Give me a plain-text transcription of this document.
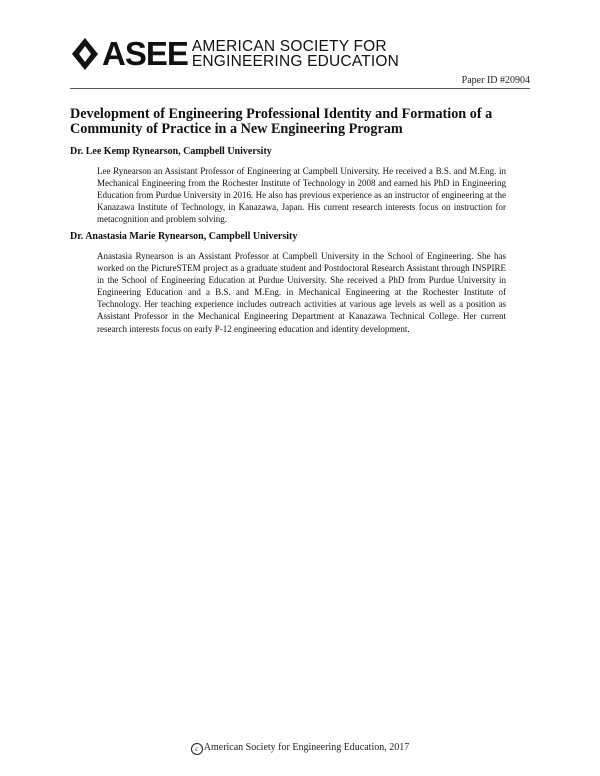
ASEE AMERICAN SOCIETY FOR
ENGINEERING EDUCATION
Paper ID #20904
Development of Engineering Professional Identity and Formation of a Community of Practice in a New Engineering Program
Dr. Lee Kemp Rynearson, Campbell University

Lee Rynearson an Assistant Professor of Engineering at Campbell University. He received a B.S. and M.Eng. in Mechanical Engineering from the Rochester Institute of Technology in 2008 and earned his PhD in Engineering Education from Purdue University in 2016. He also has previous experience as an instructor of engineering at the Kanazawa Institute of Technology, in Kanazawa, Japan. His current research interests focus on instruction for metacognition and problem solving.

Dr. Anastasia Marie Rynearson, Campbell University

Anastasia Rynearson is an Assistant Professor at Campbell University in the School of Engineering. She has worked on the PictureSTEM project as a graduate student and Postdoctoral Research Assistant through INSPIRE in the School of Engineering Education at Purdue University. She received a PhD from Purdue University in Engineering Education and a B.S. and M.Eng. in Mechanical Engineering at the Rochester Institute of Technology. Her teaching experience includes outreach activities at various age levels as well as a position as Assistant Professor in the Mechanical Engineering Department at Kanazawa Technical College. Her current research interests focus on early P-12 engineering education and identity development.

c American Society for Engineering Education, 2017
